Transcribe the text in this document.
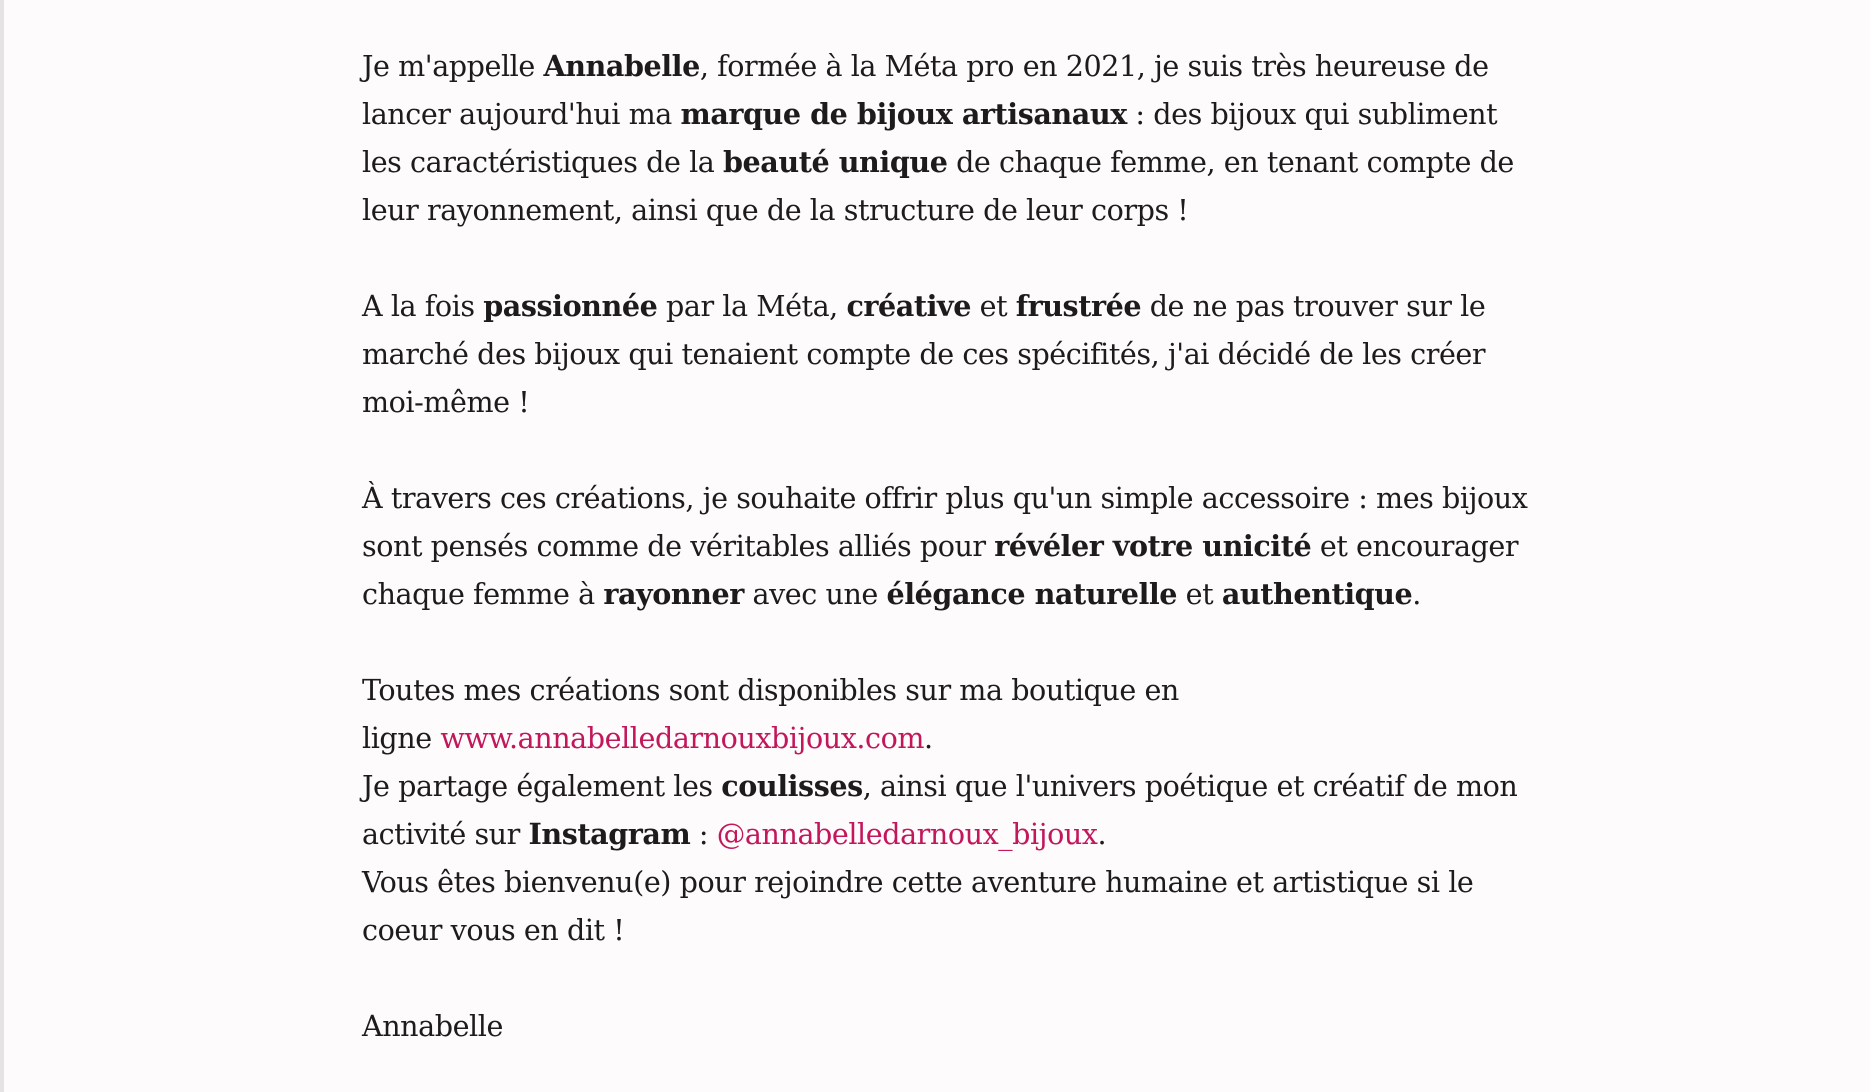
Je m'appelle Annabelle, formée à la Méta pro en 2021, je suis très heureuse de lancer aujourd'hui ma marque de bijoux artisanaux : des bijoux qui subliment les caractéristiques de la beauté unique de chaque femme, en tenant compte de leur rayonnement, ainsi que de la structure de leur corps !

A la fois passionnée par la Méta, créative et frustrée de ne pas trouver sur le marché des bijoux qui tenaient compte de ces spécifités, j'ai décidé de les créer moi-même !

À travers ces créations, je souhaite offrir plus qu'un simple accessoire : mes bijoux sont pensés comme de véritables alliés pour révéler votre unicité et encourager chaque femme à rayonner avec une élégance naturelle et authentique.

Toutes mes créations sont disponibles sur ma boutique en
ligne www.annabelledarnouxbijoux.com.

Je partage également les coulisses, ainsi que l'univers poétique et créatif de mon activité sur Instagram : @annabelledarnoux_bijoux.

Vous êtes bienvenu(e) pour rejoindre cette aventure humaine et artistique si le coeur vous en dit !

Annabelle
